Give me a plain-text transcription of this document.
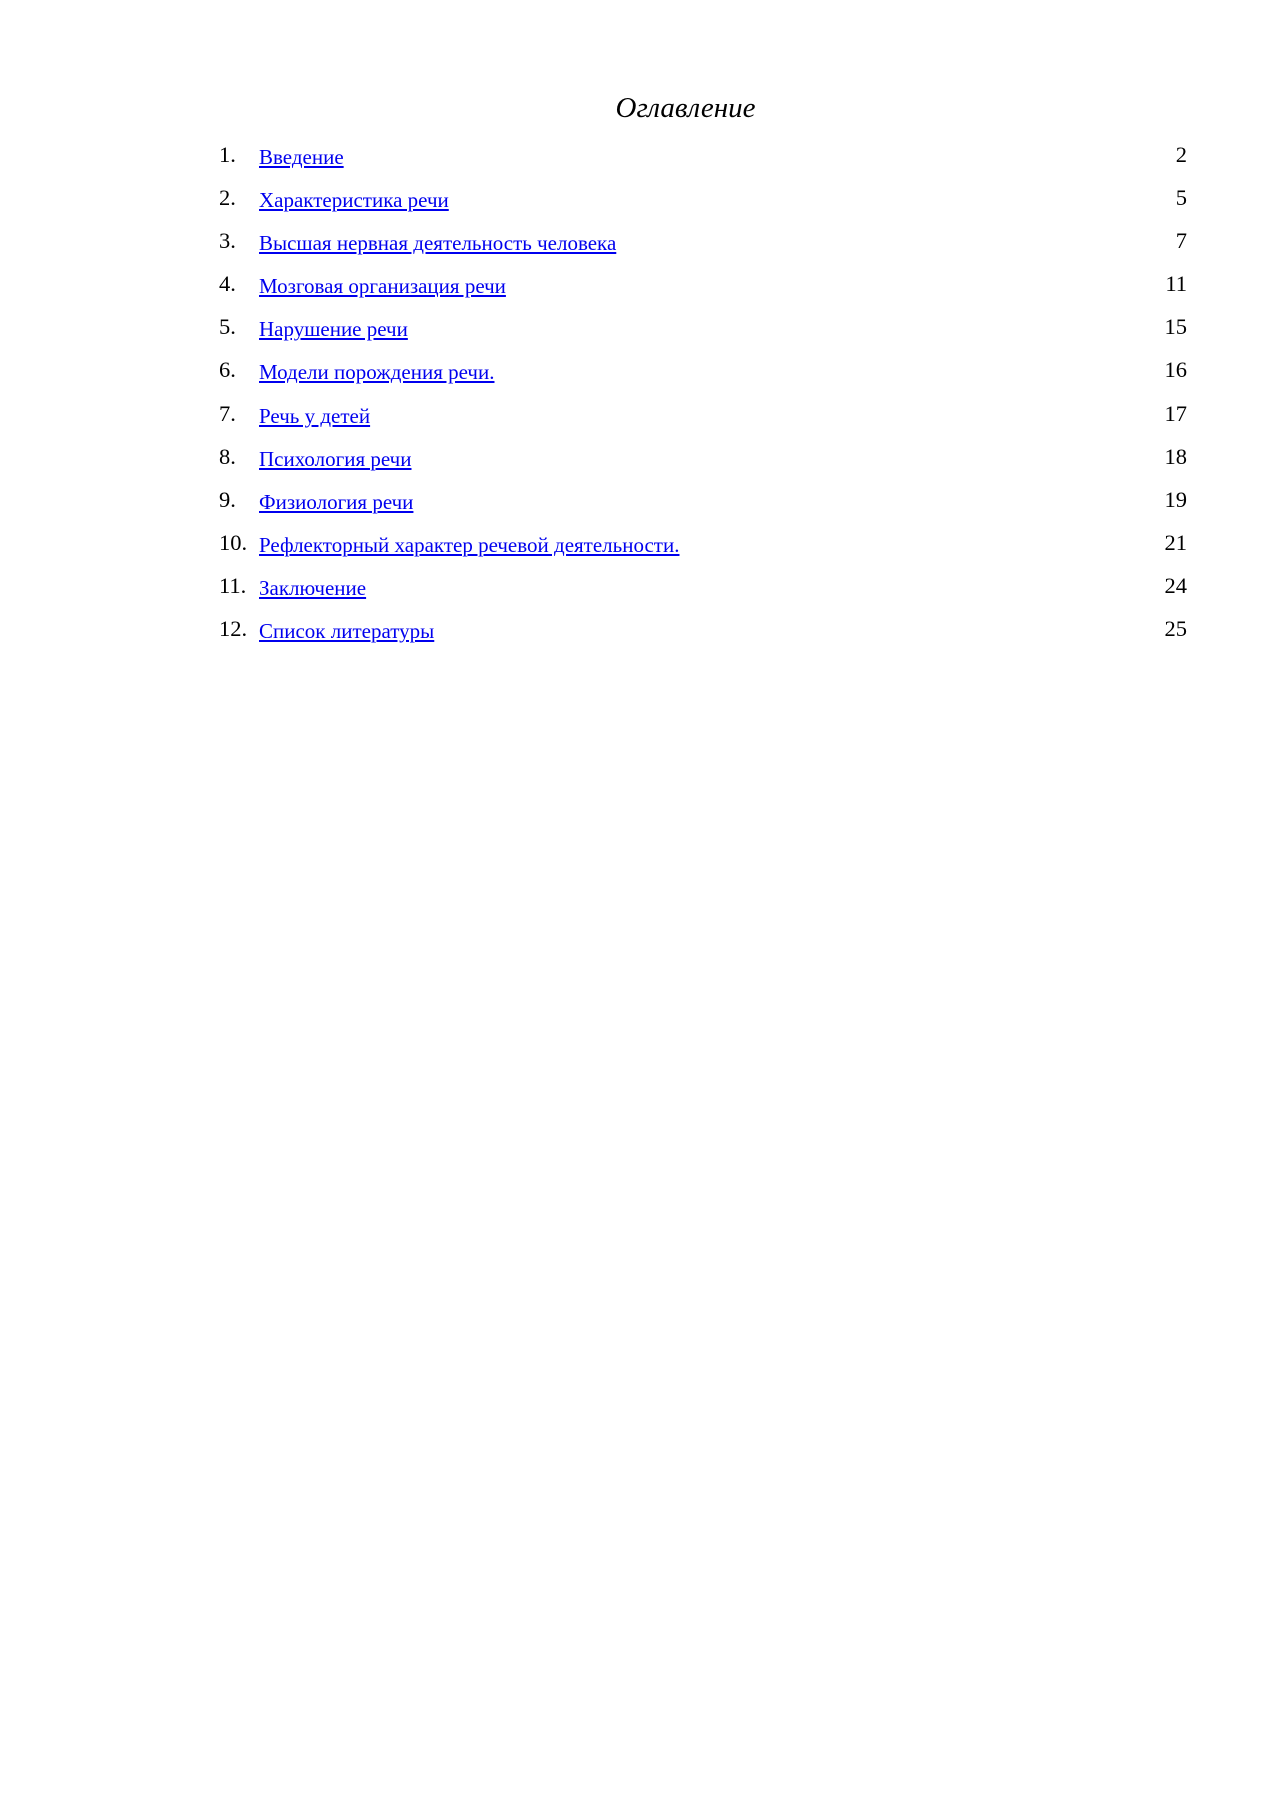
Оглавление
1. Введение	2
2. Характеристика речи	5
3. Высшая нервная деятельность человека	7
4. Мозговая организация речи	11
5. Нарушение речи	15
6. Модели порождения речи.	16
7. Речь у детей	17
8. Психология речи	18
9. Физиология речи	19
10. Рефлекторный характер речевой деятельности.	21
11. Заключение	24
12. Список литературы	25
